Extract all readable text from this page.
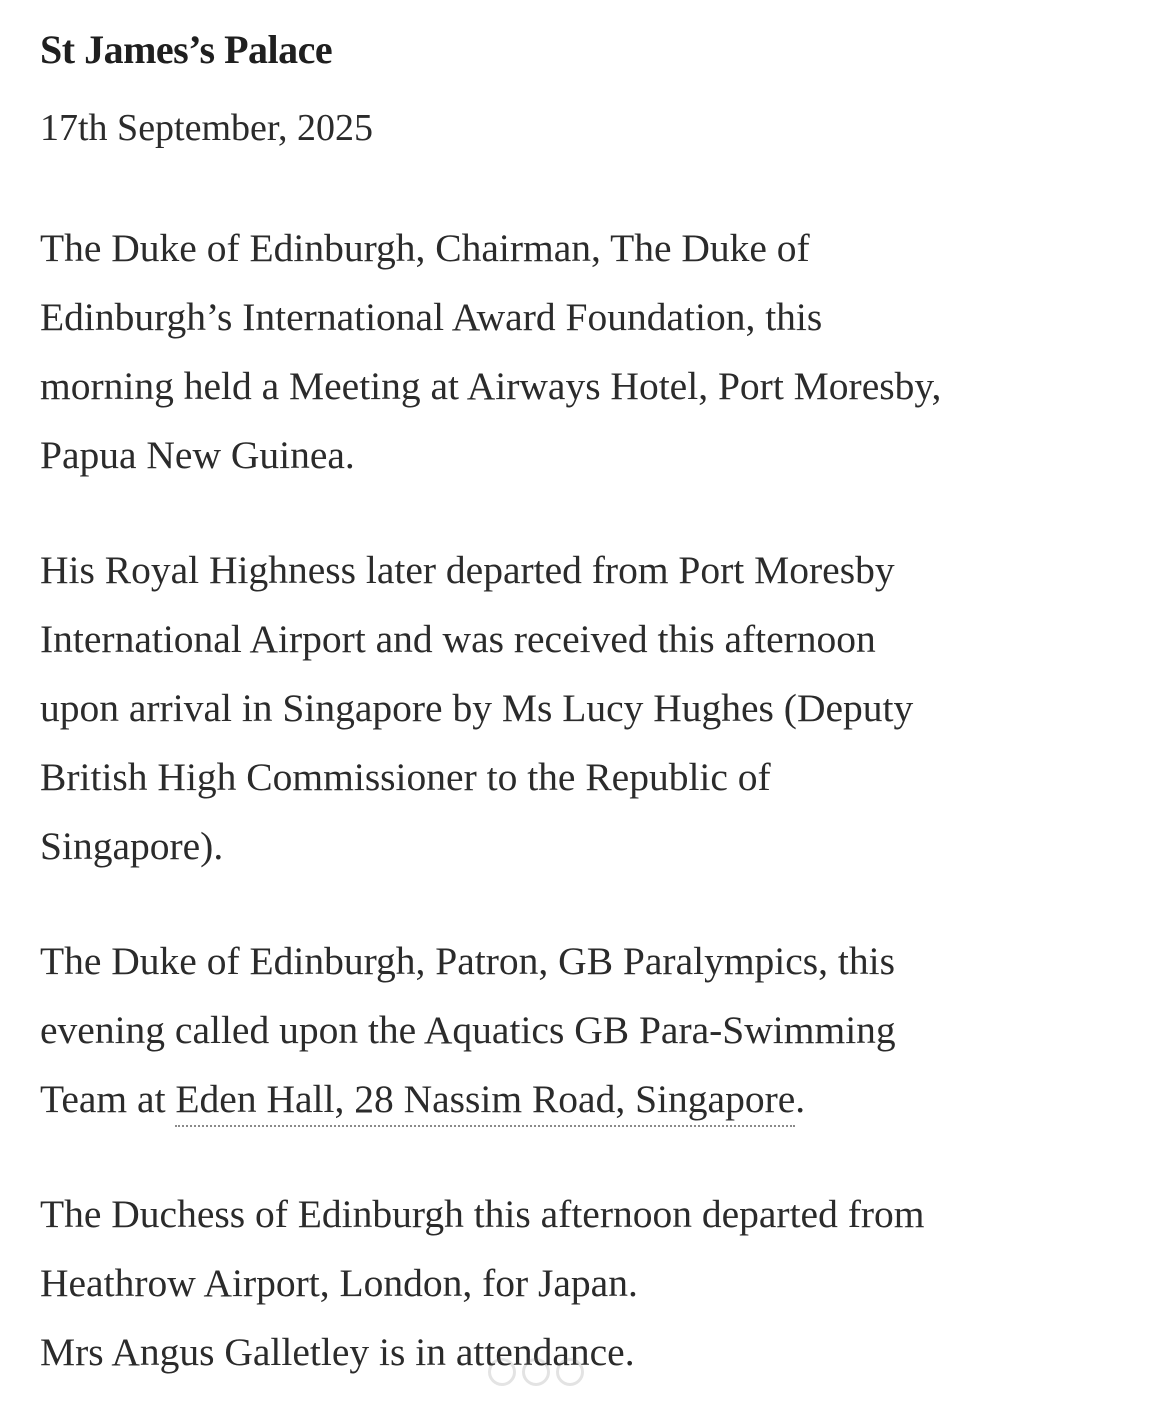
St James’s Palace

17th September, 2025

The Duke of Edinburgh, Chairman, The Duke of
Edinburgh’s International Award Foundation, this
morning held a Meeting at Airways Hotel, Port Moresby,
Papua New Guinea.

His Royal Highness later departed from Port Moresby
International Airport and was received this afternoon
upon arrival in Singapore by Ms Lucy Hughes (Deputy
British High Commissioner to the Republic of
Singapore).

The Duke of Edinburgh, Patron, GB Paralympics, this
evening called upon the Aquatics GB Para-Swimming
Team at Eden Hall, 28 Nassim Road, Singapore.

The Duchess of Edinburgh this afternoon departed from
Heathrow Airport, London, for Japan.
Mrs Angus Galletley is in attendance.
